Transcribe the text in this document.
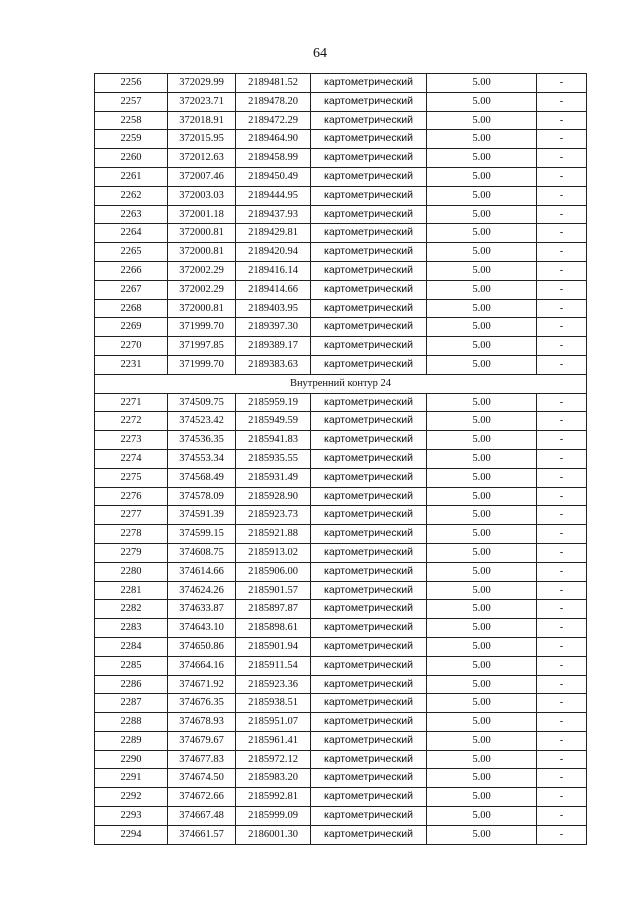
64
2256	372029.99	2189481.52	картометрический	5.00	-
2257	372023.71	2189478.20	картометрический	5.00	-
2258	372018.91	2189472.29	картометрический	5.00	-
2259	372015.95	2189464.90	картометрический	5.00	-
2260	372012.63	2189458.99	картометрический	5.00	-
2261	372007.46	2189450.49	картометрический	5.00	-
2262	372003.03	2189444.95	картометрический	5.00	-
2263	372001.18	2189437.93	картометрический	5.00	-
2264	372000.81	2189429.81	картометрический	5.00	-
2265	372000.81	2189420.94	картометрический	5.00	-
2266	372002.29	2189416.14	картометрический	5.00	-
2267	372002.29	2189414.66	картометрический	5.00	-
2268	372000.81	2189403.95	картометрический	5.00	-
2269	371999.70	2189397.30	картометрический	5.00	-
2270	371997.85	2189389.17	картометрический	5.00	-
2231	371999.70	2189383.63	картометрический	5.00	-
Внутренний контур 24					
2271	374509.75	2185959.19	картометрический	5.00	-
2272	374523.42	2185949.59	картометрический	5.00	-
2273	374536.35	2185941.83	картометрический	5.00	-
2274	374553.34	2185935.55	картометрический	5.00	-
2275	374568.49	2185931.49	картометрический	5.00	-
2276	374578.09	2185928.90	картометрический	5.00	-
2277	374591.39	2185923.73	картометрический	5.00	-
2278	374599.15	2185921.88	картометрический	5.00	-
2279	374608.75	2185913.02	картометрический	5.00	-
2280	374614.66	2185906.00	картометрический	5.00	-
2281	374624.26	2185901.57	картометрический	5.00	-
2282	374633.87	2185897.87	картометрический	5.00	-
2283	374643.10	2185898.61	картометрический	5.00	-
2284	374650.86	2185901.94	картометрический	5.00	-
2285	374664.16	2185911.54	картометрический	5.00	-
2286	374671.92	2185923.36	картометрический	5.00	-
2287	374676.35	2185938.51	картометрический	5.00	-
2288	374678.93	2185951.07	картометрический	5.00	-
2289	374679.67	2185961.41	картометрический	5.00	-
2290	374677.83	2185972.12	картометрический	5.00	-
2291	374674.50	2185983.20	картометрический	5.00	-
2292	374672.66	2185992.81	картометрический	5.00	-
2293	374667.48	2185999.09	картометрический	5.00	-
2294	374661.57	2186001.30	картометрический	5.00	-
